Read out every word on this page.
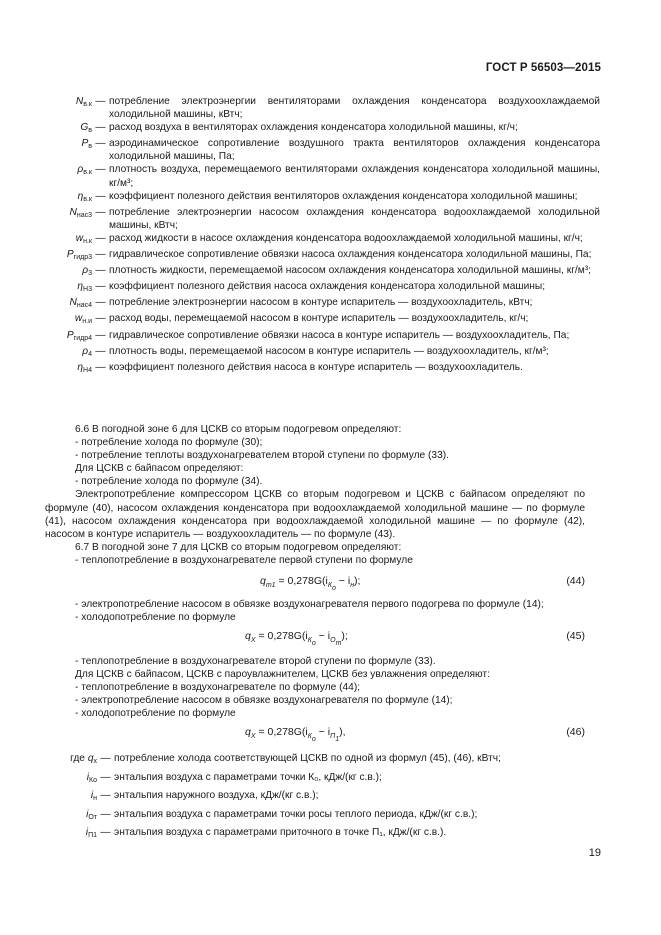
ГОСТ Р 56503—2015
$N_{в.к}$ — потребление электроэнергии вентиляторами охлаждения конденсатора воздухоохлаждаемой холодильной машины, кВтч;
$G_в$ — расход воздуха в вентиляторах охлаждения конденсатора холодильной машины, кг/ч;
$P_в$ — аэродинамическое сопротивление воздушного тракта вентиляторов охлаждения конденсатора холодильной машины, Па;
$\rho_{в.к}$ — плотность воздуха, перемещаемого вентиляторами охлаждения конденсатора холодильной машины, кг/м³;
$\eta_{в.к}$ — коэффициент полезного действия вентиляторов охлаждения конденсатора холодильной машины;
$N_{нас3}$ — потребление электроэнергии насосом охлаждения конденсатора водоохлаждаемой холодильной машины, кВтч;
$w_{н.к}$ — расход жидкости в насосе охлаждения конденсатора водоохлаждаемой холодильной машины, кг/ч;
$P_{гидр3}$ — гидравлическое сопротивление обвязки насоса охлаждения конденсатора холодильной машины, Па;
$\rho_3$ — плотность жидкости, перемещаемой насосом охлаждения конденсатора холодильной машины, кг/м³;
$\eta_{Н3}$ — коэффициент полезного действия насоса охлаждения конденсатора холодильной машины;
$N_{нас4}$ — потребление электроэнергии насосом в контуре испаритель — воздухоохладитель, кВтч;
$w_{н.и}$ — расход воды, перемещаемой насосом в контуре испаритель — воздухоохладитель, кг/ч;
$P_{гидр4}$ — гидравлическое сопротивление обвязки насоса в контуре испаритель — воздухоохладитель, Па;
$\rho_4$ — плотность воды, перемещаемой насосом в контуре испаритель — воздухоохладитель, кг/м³;
$\eta_{Н4}$ — коэффициент полезного действия насоса в контуре испаритель — воздухоохладитель.

6.6 В погодной зоне 6 для ЦСКВ со вторым подогревом определяют:

- потребление холода по формуле (30);

- потребление теплоты воздухонагревателем второй ступени по формуле (33).

Для ЦСКВ с байпасом определяют:

- потребление холода по формуле (34).

Электропотребление компрессором ЦСКВ со вторым подогревом и ЦСКВ с байпасом определяют по формуле (40), насосом охлаждения конденсатора при водоохлаждаемой холодильной машине — по формуле (41), насосом охлаждения конденсатора при водоохлаждаемой холодильной машине — по формуле (42), насосом в контуре испаритель — воздухоохладитель — по формуле (43).

6.7 В погодной зоне 7 для ЦСКВ со вторым подогревом определяют:

- теплопотребление в воздухонагревателе первой ступени по формуле

$q_{т1} = 0,278G(i_{К_о} - i_н)$;	(44)

- электропотребление насосом в обвязке воздухонагревателя первого подогрева по формуле (14);

- холодопотребление по формуле

$q_X = 0,278G(i_{К_о} - i_{О_т})$;	(45)

- теплопотребление в воздухонагревателе второй ступени по формуле (33).

Для ЦСКВ с байпасом, ЦСКВ с пароувлажнителем, ЦСКВ без увлажнения определяют:

- теплопотребление в воздухонагревателе по формуле (44);

- электропотребление насосом в обвязке воздухонагревателя по формуле (14);

- холодопотребление по формуле

$q_X = 0,278G(i_{К_о} - i_{П_1})$,	(46)
где $q_х$ — потребление холода соответствующей ЦСКВ по одной из формул (45), (46), кВтч;
$i_{Ко}$ — энтальпия воздуха с параметрами точки К₀, кДж/(кг с.в.);
$i_н$ — энтальпия наружного воздуха, кДж/(кг с.в.);
$i_{От}$ — энтальпия воздуха с параметрами точки росы теплого периода, кДж/(кг с.в.);
$i_{П1}$ — энтальпия воздуха с параметрами приточного в точке П₁, кДж/(кг с.в.).
19
